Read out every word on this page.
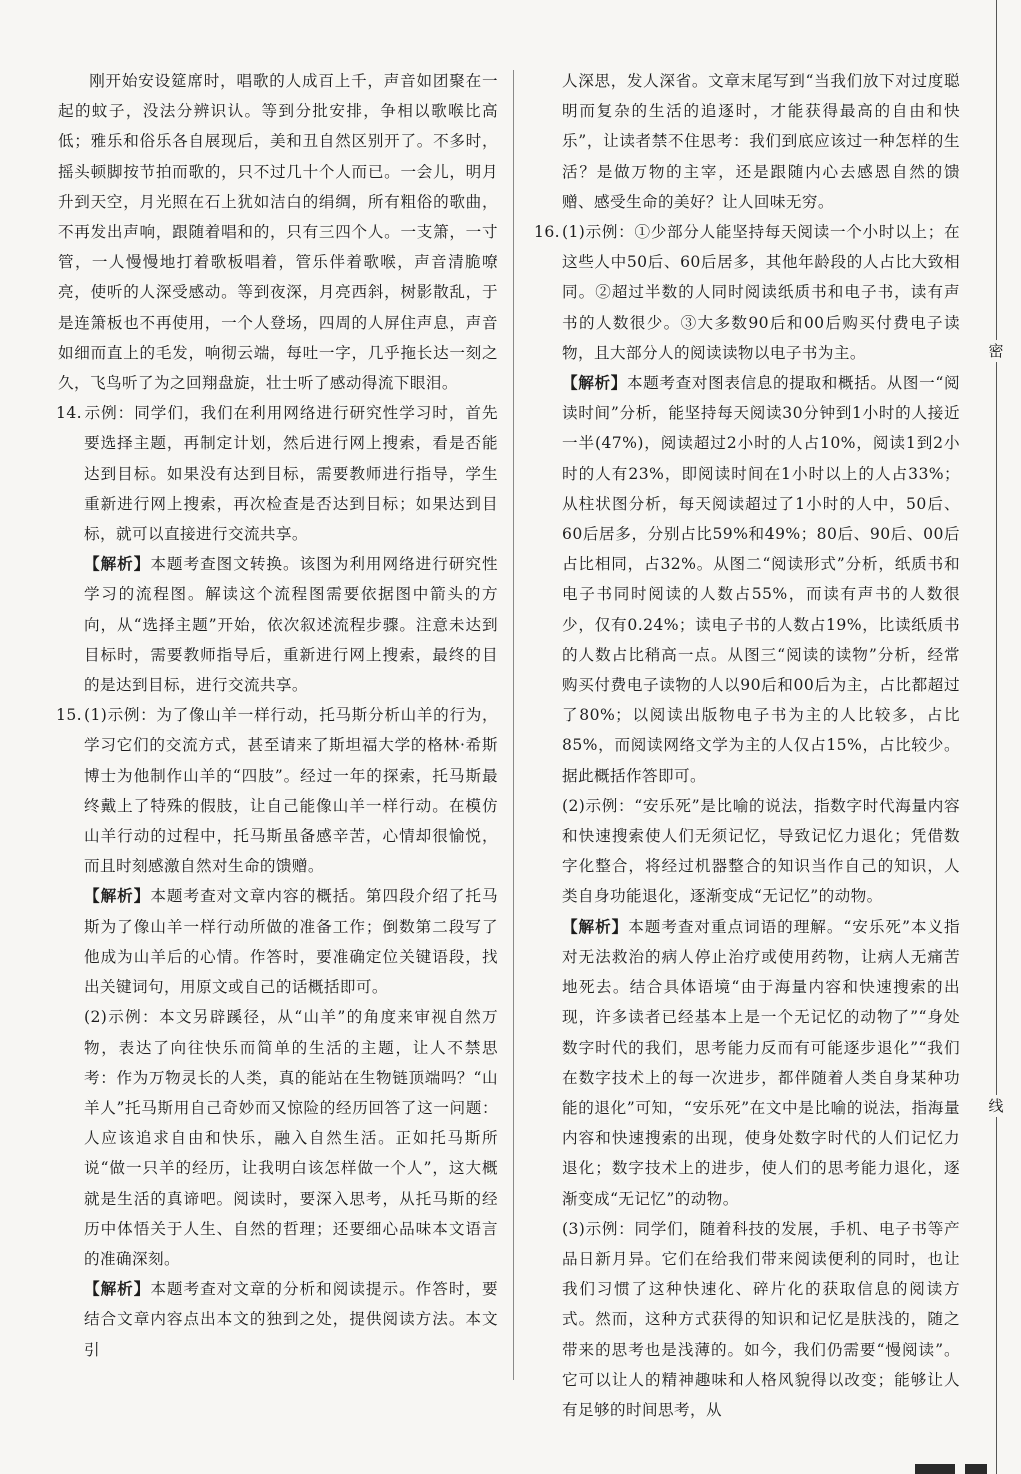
刚开始安设筵席时，唱歌的人成百上千，声音如团聚在一起的蚊子，没法分辨识认。等到分批安排，争相以歌喉比高低；雅乐和俗乐各自展现后，美和丑自然区别开了。不多时，摇头顿脚按节拍而歌的，只不过几十个人而已。一会儿，明月升到天空，月光照在石上犹如洁白的绢绸，所有粗俗的歌曲，不再发出声响，跟随着唱和的，只有三四个人。一支箫，一寸管，一人慢慢地打着歌板唱着，管乐伴着歌喉，声音清脆嘹亮，使听的人深受感动。等到夜深，月亮西斜，树影散乱，于是连箫板也不再使用，一个人登场，四周的人屏住声息，声音如细而直上的毛发，响彻云端，每吐一字，几乎拖长达一刻之久，飞鸟听了为之回翔盘旋，壮士听了感动得流下眼泪。

14. 示例：同学们，我们在利用网络进行研究性学习时，首先要选择主题，再制定计划，然后进行网上搜索，看是否能达到目标。如果没有达到目标，需要教师进行指导，学生重新进行网上搜索，再次检查是否达到目标；如果达到目标，就可以直接进行交流共享。

【解析】本题考查图文转换。该图为利用网络进行研究性学习的流程图。解读这个流程图需要依据图中箭头的方向，从“选择主题”开始，依次叙述流程步骤。注意未达到目标时，需要教师指导后，重新进行网上搜索，最终的目的是达到目标，进行交流共享。

15. (1)示例：为了像山羊一样行动，托马斯分析山羊的行为，学习它们的交流方式，甚至请来了斯坦福大学的格林·希斯博士为他制作山羊的“四肢”。经过一年的探索，托马斯最终戴上了特殊的假肢，让自己能像山羊一样行动。在模仿山羊行动的过程中，托马斯虽备感辛苦，心情却很愉悦，而且时刻感激自然对生命的馈赠。

【解析】本题考查对文章内容的概括。第四段介绍了托马斯为了像山羊一样行动所做的准备工作；倒数第二段写了他成为山羊后的心情。作答时，要准确定位关键语段，找出关键词句，用原文或自己的话概括即可。

(2)示例：本文另辟蹊径，从“山羊”的角度来审视自然万物，表达了向往快乐而简单的生活的主题，让人不禁思考：作为万物灵长的人类，真的能站在生物链顶端吗？“山羊人”托马斯用自己奇妙而又惊险的经历回答了这一问题：人应该追求自由和快乐，融入自然生活。正如托马斯所说“做一只羊的经历，让我明白该怎样做一个人”，这大概就是生活的真谛吧。阅读时，要深入思考，从托马斯的经历中体悟关于人生、自然的哲理；还要细心品味本文语言的准确深刻。

【解析】本题考查对文章的分析和阅读提示。作答时，要结合文章内容点出本文的独到之处，提供阅读方法。本文引

人深思，发人深省。文章末尾写到“当我们放下对过度聪明而复杂的生活的追逐时，才能获得最高的自由和快乐”，让读者禁不住思考：我们到底应该过一种怎样的生活？是做万物的主宰，还是跟随内心去感恩自然的馈赠、感受生命的美好？让人回味无穷。

16. (1)示例：①少部分人能坚持每天阅读一个小时以上；在这些人中50后、60后居多，其他年龄段的人占比大致相同。②超过半数的人同时阅读纸质书和电子书，读有声书的人数很少。③大多数90后和00后购买付费电子读物，且大部分人的阅读读物以电子书为主。

【解析】本题考查对图表信息的提取和概括。从图一“阅读时间”分析，能坚持每天阅读30分钟到1小时的人接近一半(47%)，阅读超过2小时的人占10%，阅读1到2小时的人有23%，即阅读时间在1小时以上的人占33%；从柱状图分析，每天阅读超过了1小时的人中，50后、60后居多，分别占比59%和49%；80后、90后、00后占比相同，占32%。从图二“阅读形式”分析，纸质书和电子书同时阅读的人数占55%，而读有声书的人数很少，仅有0.24%；读电子书的人数占19%，比读纸质书的人数占比稍高一点。从图三“阅读的读物”分析，经常购买付费电子读物的人以90后和00后为主，占比都超过了80%；以阅读出版物电子书为主的人比较多，占比85%，而阅读网络文学为主的人仅占15%，占比较少。据此概括作答即可。

(2)示例：“安乐死”是比喻的说法，指数字时代海量内容和快速搜索使人们无须记忆，导致记忆力退化；凭借数字化整合，将经过机器整合的知识当作自己的知识，人类自身功能退化，逐渐变成“无记忆”的动物。

【解析】本题考查对重点词语的理解。“安乐死”本义指对无法救治的病人停止治疗或使用药物，让病人无痛苦地死去。结合具体语境“由于海量内容和快速搜索的出现，许多读者已经基本上是一个无记忆的动物了”“身处数字时代的我们，思考能力反而有可能逐步退化”“我们在数字技术上的每一次进步，都伴随着人类自身某种功能的退化”可知，“安乐死”在文中是比喻的说法，指海量内容和快速搜索的出现，使身处数字时代的人们记忆力退化；数字技术上的进步，使人们的思考能力退化，逐渐变成“无记忆”的动物。

(3)示例：同学们，随着科技的发展，手机、电子书等产品日新月异。它们在给我们带来阅读便利的同时，也让我们习惯了这种快速化、碎片化的获取信息的阅读方式。然而，这种方式获得的知识和记忆是肤浅的，随之带来的思考也是浅薄的。如今，我们仍需要“慢阅读”。它可以让人的精神趣味和人格风貌得以改变；能够让人有足够的时间思考，从

密
线
